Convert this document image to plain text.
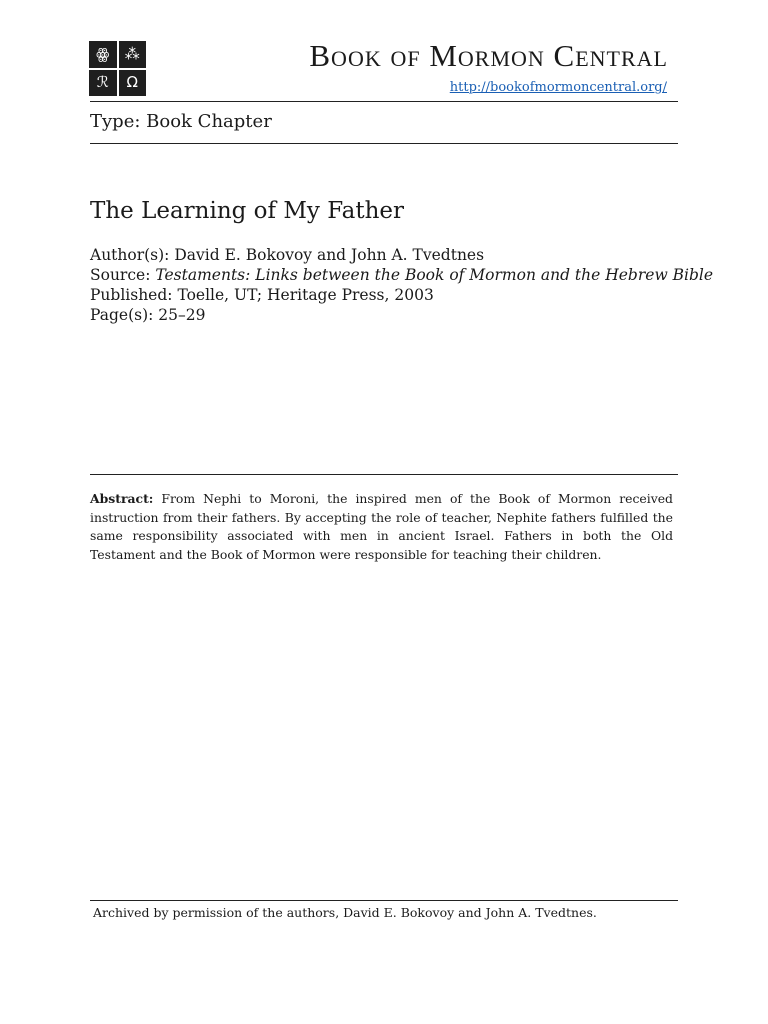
ꙮ	⁂
ℛ	Ω
Book of Mormon Central
http://bookofmormoncentral.org/
Type: Book Chapter
The Learning of My Father
Author(s): David E. Bokovoy and John A. Tvedtnes
Source: Testaments: Links between the Book of Mormon and the Hebrew Bible
Published: Toelle, UT; Heritage Press, 2003
Page(s): 25–29
Abstract: From Nephi to Moroni, the inspired men of the Book of Mormon received instruction from their fathers. By accepting the role of teacher, Nephite fathers fulfilled the same responsibility associated with men in ancient Israel. Fathers in both the Old Testament and the Book of Mormon were responsible for teaching their children.
Archived by permission of the authors, David E. Bokovoy and John A. Tvedtnes.
